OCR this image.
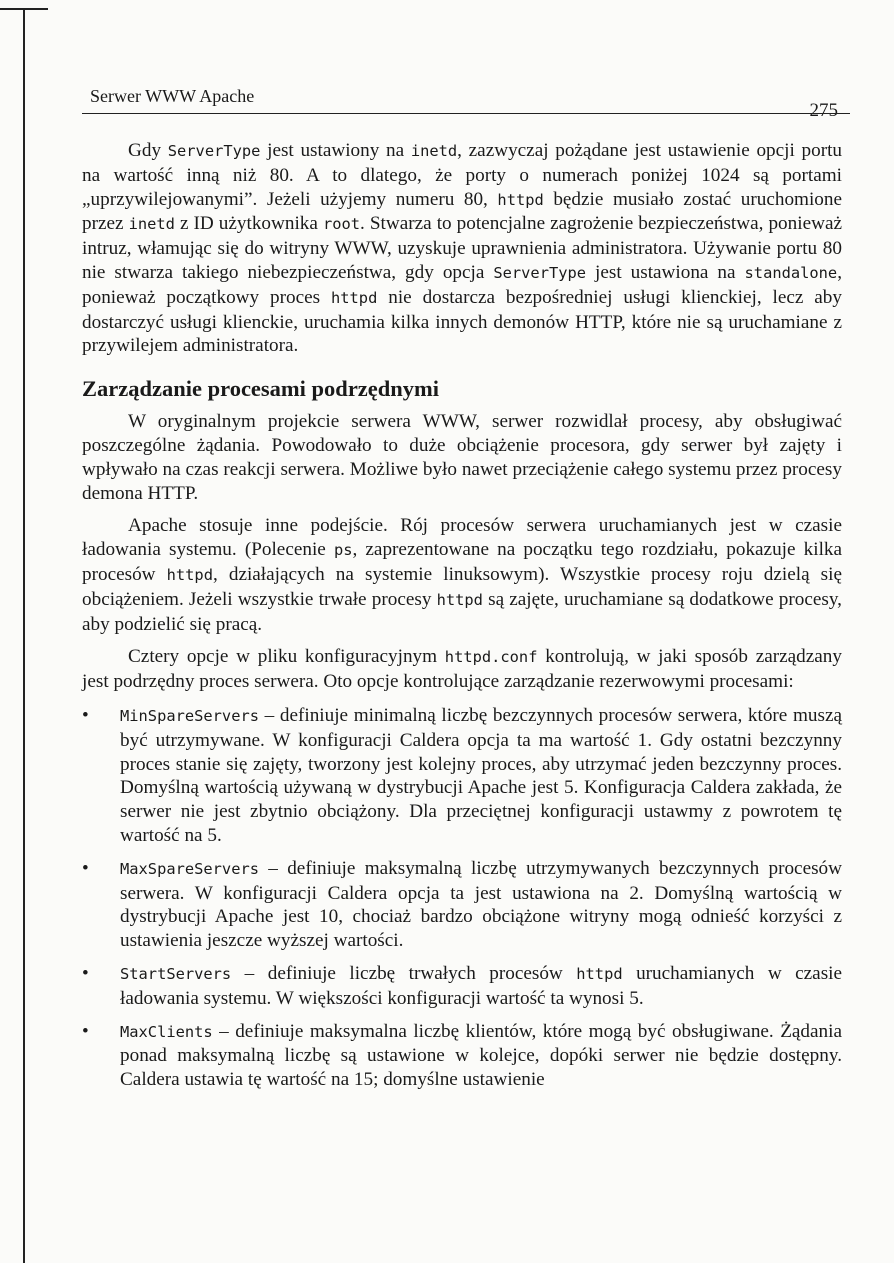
Serwer WWW Apache
275

Gdy ServerType jest ustawiony na inetd, zazwyczaj pożądane jest ustawienie opcji portu na wartość inną niż 80. A to dlatego, że porty o numerach poniżej 1024 są portami „uprzywilejowanymi”. Jeżeli użyjemy numeru 80, httpd będzie musiało zostać uruchomione przez inetd z ID użytkownika root. Stwarza to potencjalne zagrożenie bezpieczeństwa, ponieważ intruz, włamując się do witryny WWW, uzyskuje uprawnienia administratora. Używanie portu 80 nie stwarza takiego niebezpieczeństwa, gdy opcja ServerType jest ustawiona na standalone, ponieważ początkowy proces httpd nie dostarcza bezpośredniej usługi klienckiej, lecz aby dostarczyć usługi klienckie, uruchamia kilka innych demonów HTTP, które nie są uruchamiane z przywilejem administratora.

Zarządzanie procesami podrzędnymi

W oryginalnym projekcie serwera WWW, serwer rozwidlał procesy, aby obsługiwać poszczególne żądania. Powodowało to duże obciążenie procesora, gdy serwer był zajęty i wpływało na czas reakcji serwera. Możliwe było nawet przeciążenie całego systemu przez procesy demona HTTP.

Apache stosuje inne podejście. Rój procesów serwera uruchamianych jest w czasie ładowania systemu. (Polecenie ps, zaprezentowane na początku tego rozdziału, pokazuje kilka procesów httpd, działających na systemie linuksowym). Wszystkie procesy roju dzielą się obciążeniem. Jeżeli wszystkie trwałe procesy httpd są zajęte, uruchamiane są dodatkowe procesy, aby podzielić się pracą.

Cztery opcje w pliku konfiguracyjnym httpd.conf kontrolują, w jaki sposób zarządzany jest podrzędny proces serwera. Oto opcje kontrolujące zarządzanie rezerwowymi procesami:

• MinSpareServers – definiuje minimalną liczbę bezczynnych procesów serwera, które muszą być utrzymywane. W konfiguracji Caldera opcja ta ma wartość 1. Gdy ostatni bezczynny proces stanie się zajęty, tworzony jest kolejny proces, aby utrzymać jeden bezczynny proces. Domyślną wartością używaną w dystrybucji Apache jest 5. Konfiguracja Caldera zakłada, że serwer nie jest zbytnio obciążony. Dla przeciętnej konfiguracji ustawmy z powrotem tę wartość na 5.
• MaxSpareServers – definiuje maksymalną liczbę utrzymywanych bezczynnych procesów serwera. W konfiguracji Caldera opcja ta jest ustawiona na 2. Domyślną wartością w dystrybucji Apache jest 10, chociaż bardzo obciążone witryny mogą odnieść korzyści z ustawienia jeszcze wyższej wartości.
• StartServers – definiuje liczbę trwałych procesów httpd uruchamianych w czasie ładowania systemu. W większości konfiguracji wartość ta wynosi 5.
• MaxClients – definiuje maksymalna liczbę klientów, które mogą być obsługiwane. Żądania ponad maksymalną liczbę są ustawione w kolejce, dopóki serwer nie będzie dostępny. Caldera ustawia tę wartość na 15; domyślne ustawienie
